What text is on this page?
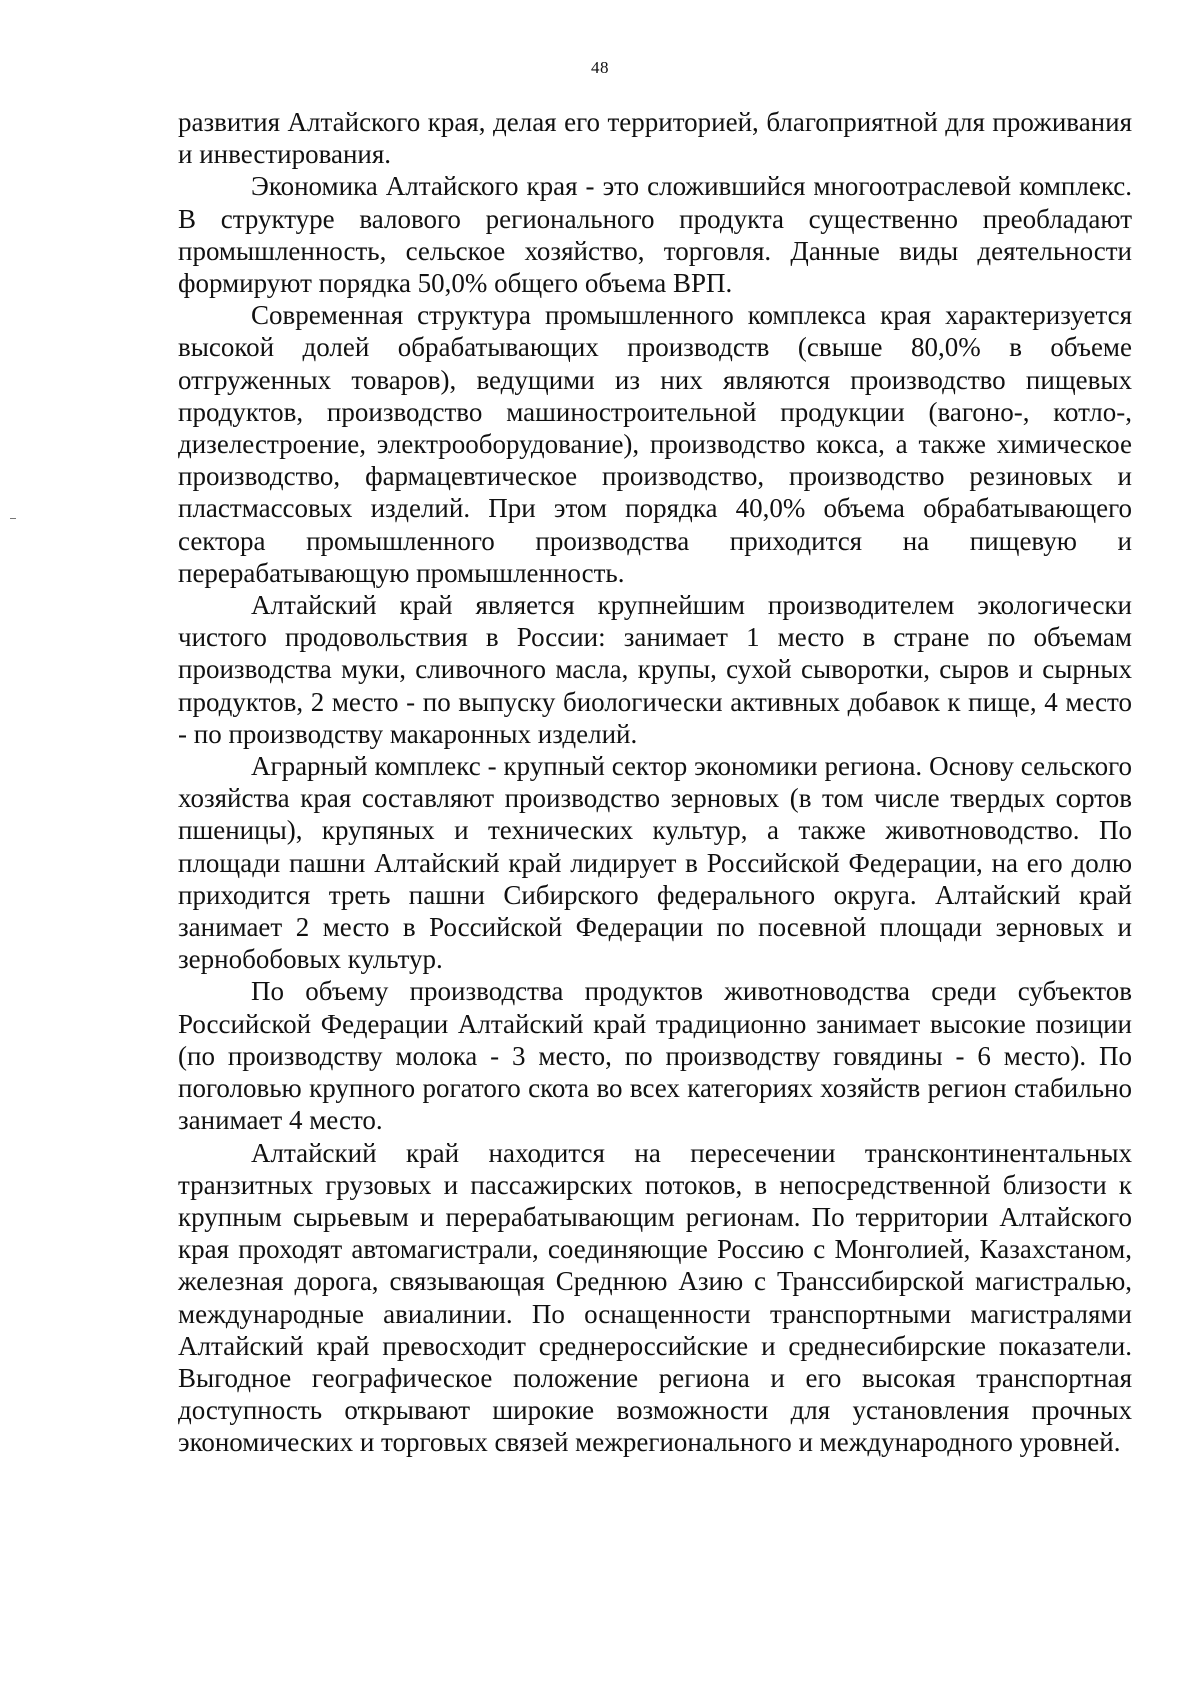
48

развития Алтайского края, делая его территорией, благоприятной для проживания и инвестирования.

Экономика Алтайского края - это сложившийся многоотраслевой комплекс. В структуре валового регионального продукта существенно преобладают промышленность, сельское хозяйство, торговля. Данные виды деятельности формируют порядка 50,0% общего объема ВРП.

Современная структура промышленного комплекса края характеризуется высокой долей обрабатывающих производств (свыше 80,0% в объеме отгруженных товаров), ведущими из них являются производство пищевых продуктов, производство машиностроительной продукции (вагоно-, котло-, дизелестроение, электрооборудование), производство кокса, а также химическое производство, фармацевтическое производство, производство резиновых и пластмассовых изделий. При этом порядка 40,0% объема обрабатывающего сектора промышленного производства приходится на пищевую и перерабатывающую промышленность.

Алтайский край является крупнейшим производителем экологически чистого продовольствия в России: занимает 1 место в стране по объемам производства муки, сливочного масла, крупы, сухой сыворотки, сыров и сырных продуктов, 2 место - по выпуску биологически активных добавок к пище, 4 место - по производству макаронных изделий.

Аграрный комплекс - крупный сектор экономики региона. Основу сельского хозяйства края составляют производство зерновых (в том числе твердых сортов пшеницы), крупяных и технических культур, а также животноводство. По площади пашни Алтайский край лидирует в Российской Федерации, на его долю приходится треть пашни Сибирского федерального округа. Алтайский край занимает 2 место в Российской Федерации по посевной площади зерновых и зернобобовых культур.

По объему производства продуктов животноводства среди субъектов Российской Федерации Алтайский край традиционно занимает высокие позиции (по производству молока - 3 место, по производству говядины - 6 место). По поголовью крупного рогатого скота во всех категориях хозяйств регион стабильно занимает 4 место.

Алтайский край находится на пересечении трансконтинентальных транзитных грузовых и пассажирских потоков, в непосредственной близости к крупным сырьевым и перерабатывающим регионам. По территории Алтайского края проходят автомагистрали, соединяющие Россию с Монголией, Казахстаном, железная дорога, связывающая Среднюю Азию с Транссибирской магистралью, международные авиалинии. По оснащенности транспортными магистралями Алтайский край превосходит среднероссийские и среднесибирские показатели. Выгодное географическое положение региона и его высокая транспортная доступность открывают широкие возможности для установления прочных экономических и торговых связей межрегионального и международного уровней.
